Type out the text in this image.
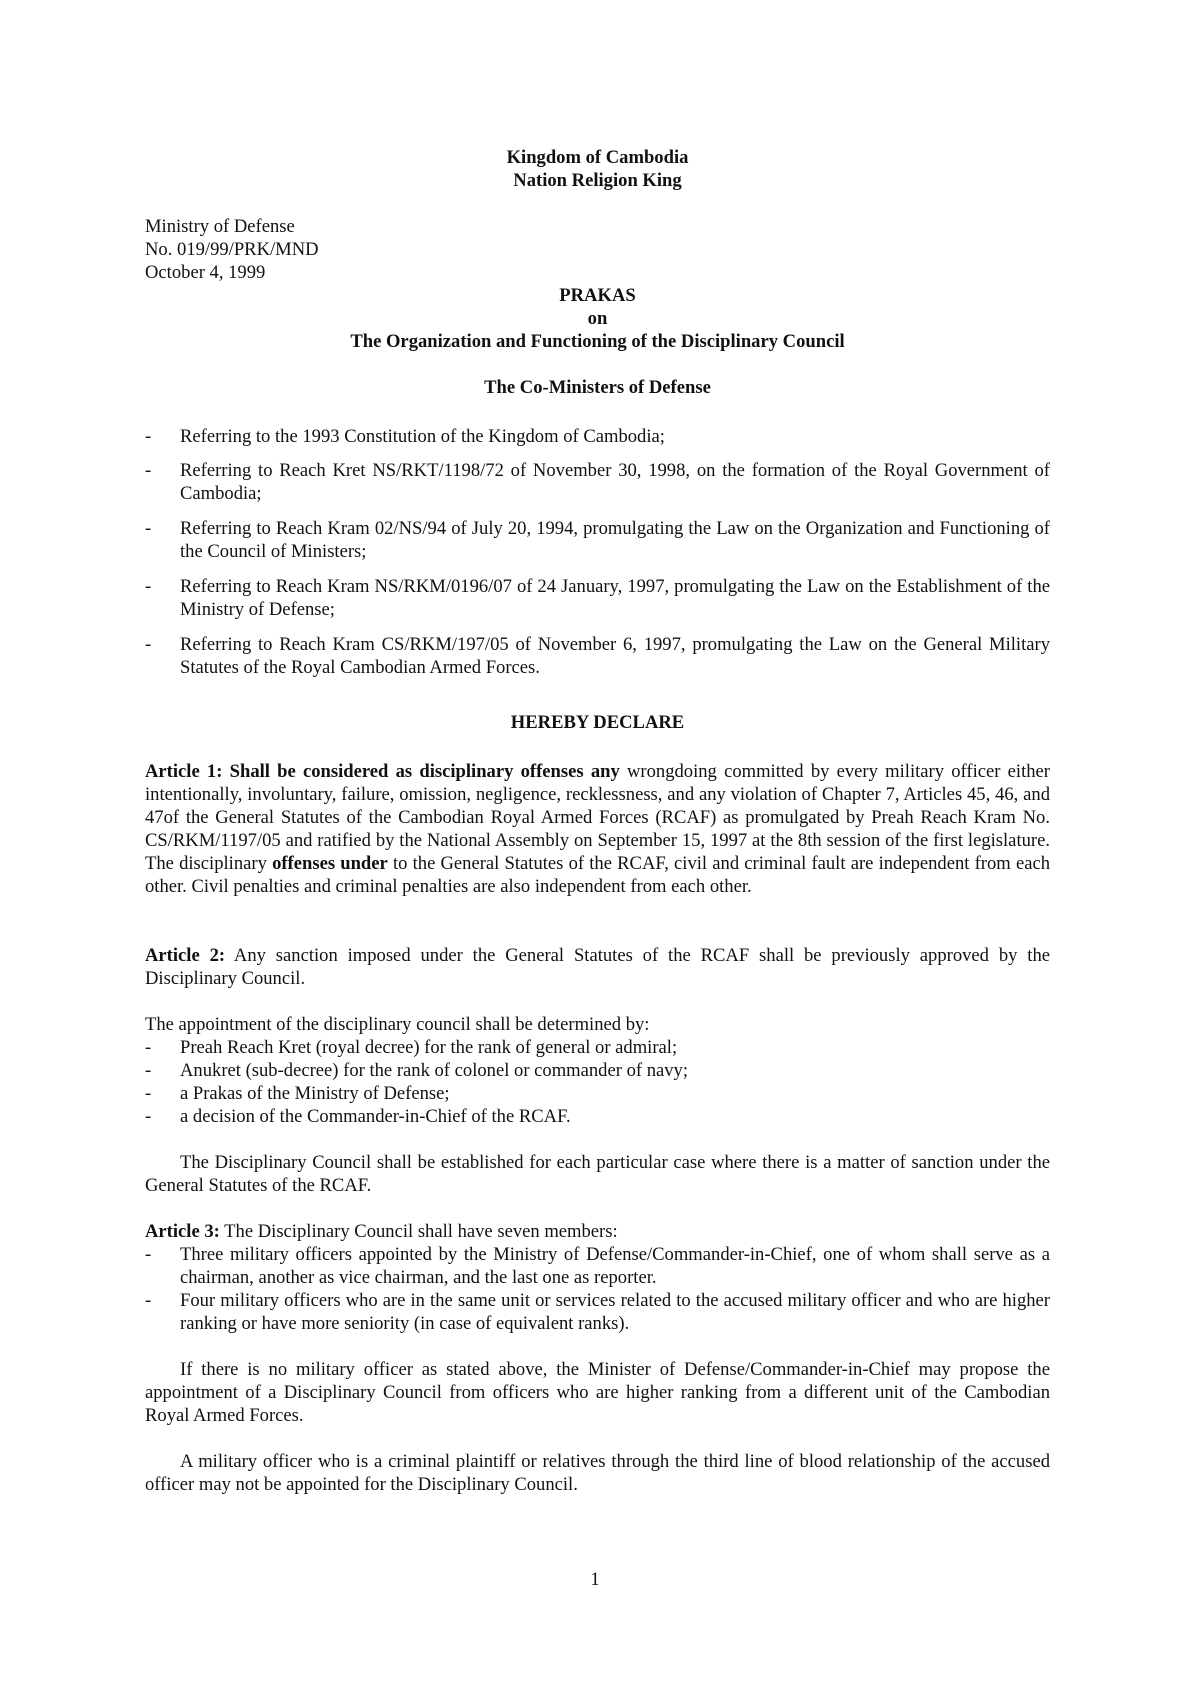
Kingdom of Cambodia
Nation Religion King
Ministry of Defense
No. 019/99/PRK/MND
October 4, 1999
PRAKAS
on
The Organization and Functioning of the Disciplinary Council
The Co-Ministers of Defense
-	Referring to the 1993 Constitution of the Kingdom of Cambodia;
-	Referring to Reach Kret NS/RKT/1198/72 of November 30, 1998, on the formation of the Royal Government of Cambodia;
-	Referring to Reach Kram 02/NS/94 of July 20, 1994, promulgating the Law on the Organization and Functioning of the Council of Ministers;
-	Referring to Reach Kram NS/RKM/0196/07 of 24 January, 1997, promulgating the Law on the Establishment of the Ministry of Defense;
-	Referring to Reach Kram CS/RKM/197/05 of November 6, 1997, promulgating the Law on the General Military Statutes of the Royal Cambodian Armed Forces.
HEREBY DECLARE
Article 1: Shall be considered as disciplinary offenses any wrongdoing committed by every military officer either intentionally, involuntary, failure, omission, negligence, recklessness, and any violation of Chapter 7, Articles 45, 46, and 47of the General Statutes of the Cambodian Royal Armed Forces (RCAF) as promulgated by Preah Reach Kram No. CS/RKM/1197/05 and ratified by the National Assembly on September 15, 1997 at the 8th session of the first legislature. The disciplinary offenses under to the General Statutes of the RCAF, civil and criminal fault are independent from each other. Civil penalties and criminal penalties are also independent from each other.
Article 2: Any sanction imposed under the General Statutes of the RCAF shall be previously approved by the Disciplinary Council.
The appointment of the disciplinary council shall be determined by:
- Preah Reach Kret (royal decree) for the rank of general or admiral;
- Anukret (sub-decree) for the rank of colonel or commander of navy;
- a Prakas of the Ministry of Defense;
- a decision of the Commander-in-Chief of the RCAF.
The Disciplinary Council shall be established for each particular case where there is a matter of sanction under the General Statutes of the RCAF.
Article 3: The Disciplinary Council shall have seven members:
- Three military officers appointed by the Ministry of Defense/Commander-in-Chief, one of whom shall serve as a chairman, another as vice chairman, and the last one as reporter.
- Four military officers who are in the same unit or services related to the accused military officer and who are higher ranking or have more seniority (in case of equivalent ranks).
If there is no military officer as stated above, the Minister of Defense/Commander-in-Chief may propose the appointment of a Disciplinary Council from officers who are higher ranking from a different unit of the Cambodian Royal Armed Forces.
A military officer who is a criminal plaintiff or relatives through the third line of blood relationship of the accused officer may not be appointed for the Disciplinary Council.
1
